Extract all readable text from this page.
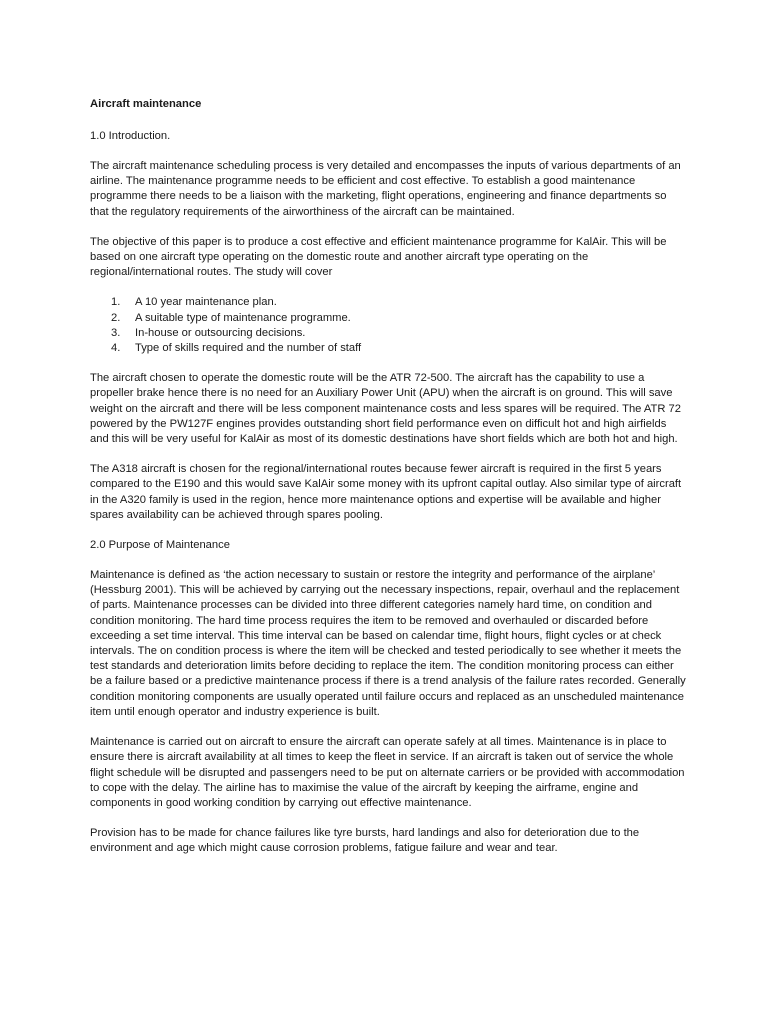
Aircraft maintenance
1.0 Introduction.

The aircraft maintenance scheduling process is very detailed and encompasses the inputs of various departments of an airline. The maintenance programme needs to be efficient and cost effective. To establish a good maintenance programme there needs to be a liaison with the marketing, flight operations, engineering and finance departments so that the regulatory requirements of the airworthiness of the aircraft can be maintained.

The objective of this paper is to produce a cost effective and efficient maintenance programme for KalAir. This will be based on one aircraft type operating on the domestic route and another aircraft type operating on the regional/international routes. The study will cover

1.	A 10 year maintenance plan.
2.	A suitable type of maintenance programme.
3.	In-house or outsourcing decisions.
4.	Type of skills required and the number of staff

The aircraft chosen to operate the domestic route will be the ATR 72-500. The aircraft has the capability to use a propeller brake hence there is no need for an Auxiliary Power Unit (APU) when the aircraft is on ground. This will save weight on the aircraft and there will be less component maintenance costs and less spares will be required. The ATR 72 powered by the PW127F engines provides outstanding short field performance even on difficult hot and high airfields and this will be very useful for KalAir as most of its domestic destinations have short fields which are both hot and high.

The A318 aircraft is chosen for the regional/international routes because fewer aircraft is required in the first 5 years compared to the E190 and this would save KalAir some money with its upfront capital outlay. Also similar type of aircraft in the A320 family is used in the region, hence more maintenance options and expertise will be available and higher spares availability can be achieved through spares pooling.

2.0 Purpose of Maintenance

Maintenance is defined as ‘the action necessary to sustain or restore the integrity and performance of the airplane’ (Hessburg 2001). This will be achieved by carrying out the necessary inspections, repair, overhaul and the replacement of parts. Maintenance processes can be divided into three different categories namely hard time, on condition and condition monitoring. The hard time process requires the item to be removed and overhauled or discarded before exceeding a set time interval. This time interval can be based on calendar time, flight hours, flight cycles or at check intervals. The on condition process is where the item will be checked and tested periodically to see whether it meets the test standards and deterioration limits before deciding to replace the item. The condition monitoring process can either be a failure based or a predictive maintenance process if there is a trend analysis of the failure rates recorded. Generally condition monitoring components are usually operated until failure occurs and replaced as an unscheduled maintenance item until enough operator and industry experience is built.

Maintenance is carried out on aircraft to ensure the aircraft can operate safely at all times. Maintenance is in place to ensure there is aircraft availability at all times to keep the fleet in service. If an aircraft is taken out of service the whole flight schedule will be disrupted and passengers need to be put on alternate carriers or be provided with accommodation to cope with the delay. The airline has to maximise the value of the aircraft by keeping the airframe, engine and components in good working condition by carrying out effective maintenance.

Provision has to be made for chance failures like tyre bursts, hard landings and also for deterioration due to the environment and age which might cause corrosion problems, fatigue failure and wear and tear.
